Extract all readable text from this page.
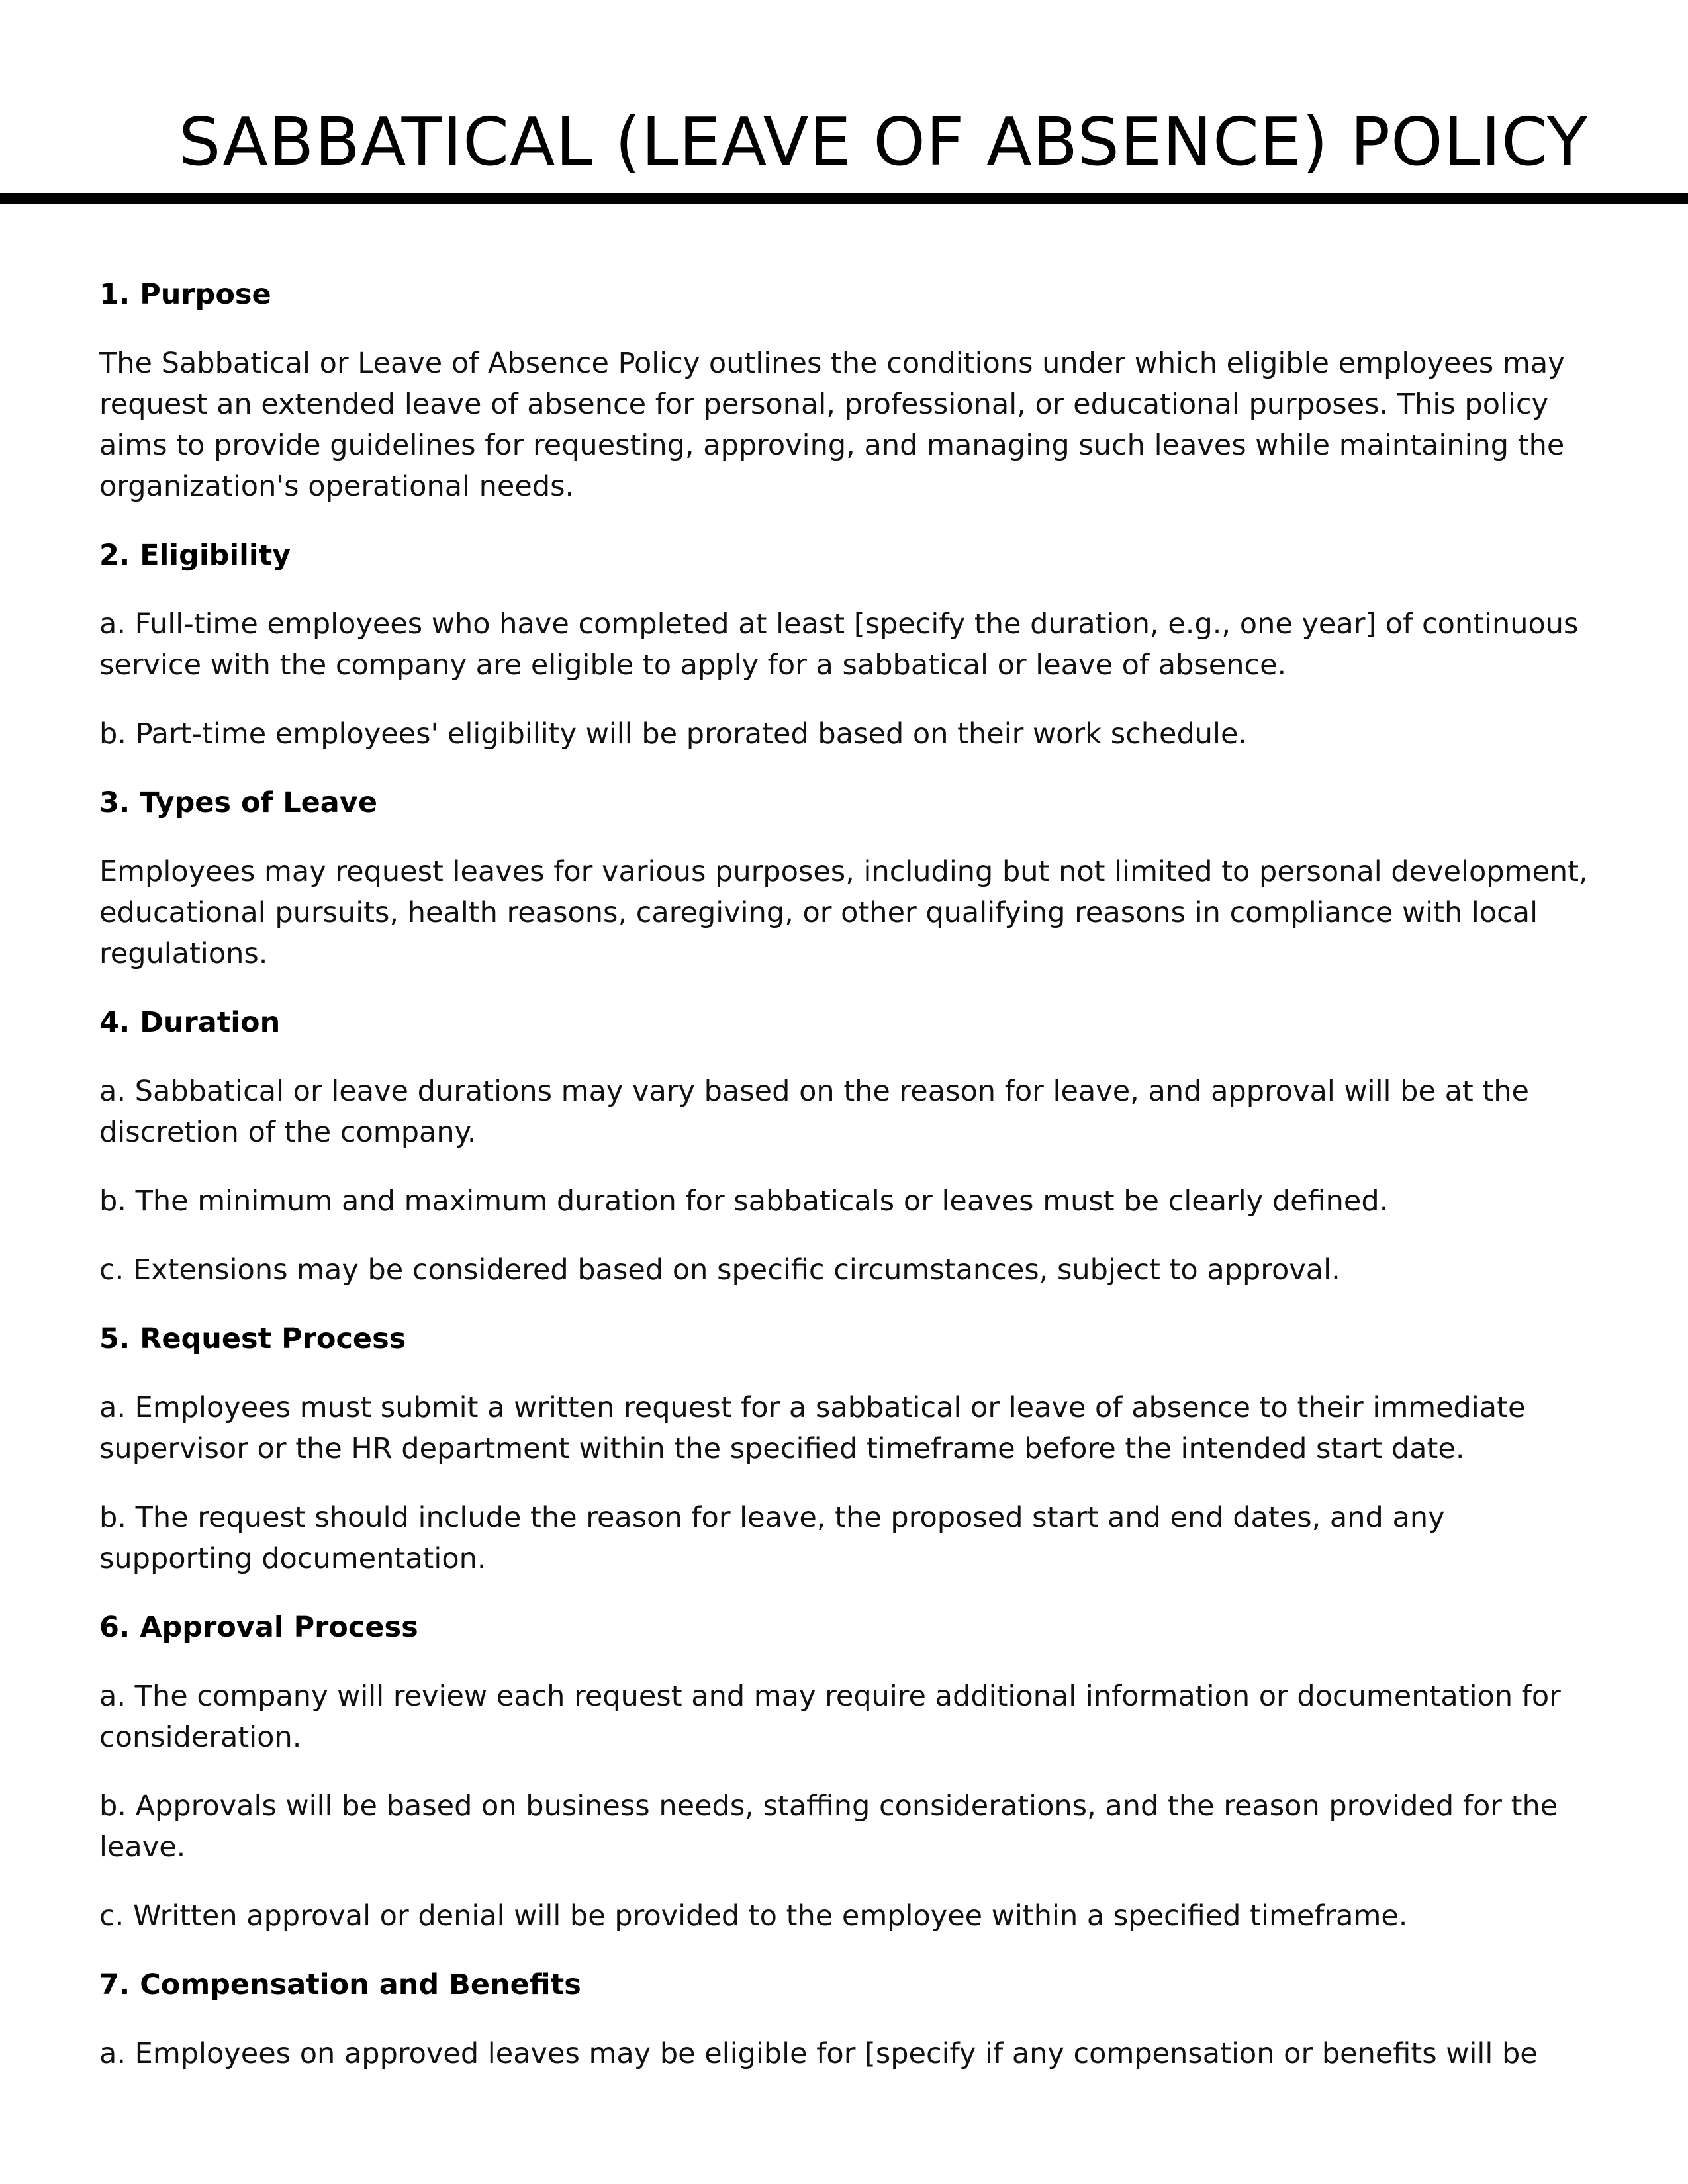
SABBATICAL (LEAVE OF ABSENCE) POLICY

1. Purpose

The Sabbatical or Leave of Absence Policy outlines the conditions under which eligible employees may request an extended leave of absence for personal, professional, or educational purposes. This policy aims to provide guidelines for requesting, approving, and managing such leaves while maintaining the organization's operational needs.

2. Eligibility

a. Full-time employees who have completed at least [specify the duration, e.g., one year] of continuous service with the company are eligible to apply for a sabbatical or leave of absence.

b. Part-time employees' eligibility will be prorated based on their work schedule.

3. Types of Leave

Employees may request leaves for various purposes, including but not limited to personal development, educational pursuits, health reasons, caregiving, or other qualifying reasons in compliance with local regulations.

4. Duration

a. Sabbatical or leave durations may vary based on the reason for leave, and approval will be at the discretion of the company.

b. The minimum and maximum duration for sabbaticals or leaves must be clearly defined.

c. Extensions may be considered based on specific circumstances, subject to approval.

5. Request Process

a. Employees must submit a written request for a sabbatical or leave of absence to their immediate supervisor or the HR department within the specified timeframe before the intended start date.

b. The request should include the reason for leave, the proposed start and end dates, and any supporting documentation.

6. Approval Process

a. The company will review each request and may require additional information or documentation for consideration.

b. Approvals will be based on business needs, staffing considerations, and the reason provided for the leave.

c. Written approval or denial will be provided to the employee within a specified timeframe.

7. Compensation and Benefits

a. Employees on approved leaves may be eligible for [specify if any compensation or benefits will be
